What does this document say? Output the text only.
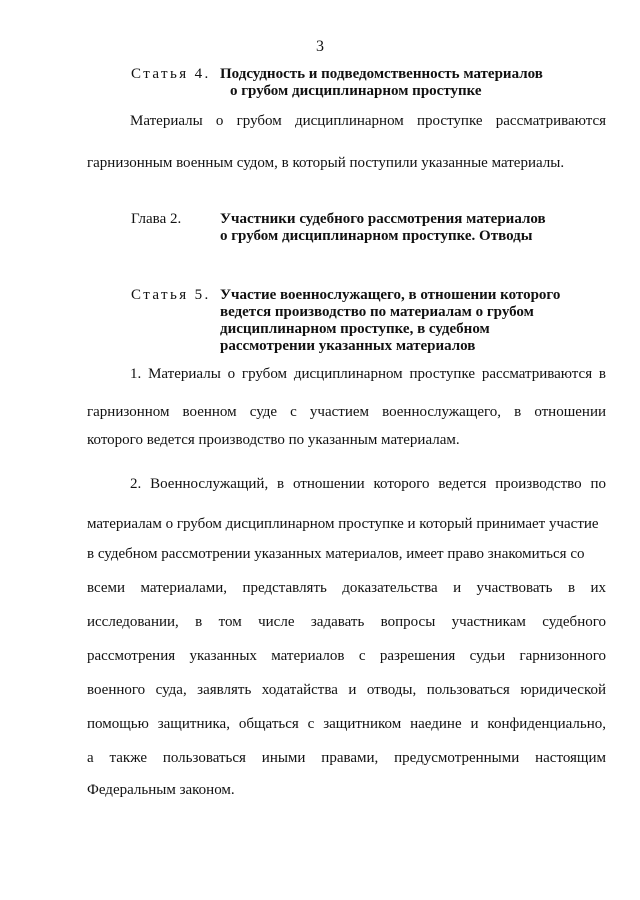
3
Статья 4. Подсудность и подведомственность материалов
о грубом дисциплинарном проступке
Материалы о грубом дисциплинарном проступке рассматриваются
гарнизонным военным судом, в который поступили указанные материалы.
Глава 2.	Участники судебного рассмотрения материалов
о грубом дисциплинарном проступке. Отводы
Статья 5. Участие военнослужащего, в отношении которого
ведется производство по материалам о грубом
дисциплинарном проступке, в судебном
рассмотрении указанных материалов
1. Материалы о грубом дисциплинарном проступке рассматриваются в
гарнизонном военном суде с участием военнослужащего, в отношении
которого ведется производство по указанным материалам.
2. Военнослужащий, в отношении которого ведется производство по
материалам о грубом дисциплинарном проступке и который принимает участие
в судебном рассмотрении указанных материалов, имеет право знакомиться со
всеми материалами, представлять доказательства и участвовать в их
исследовании, в том числе задавать вопросы участникам судебного
рассмотрения указанных материалов с разрешения судьи гарнизонного
военного суда, заявлять ходатайства и отводы, пользоваться юридической
помощью защитника, общаться с защитником наедине и конфиденциально,
а также пользоваться иными правами, предусмотренными настоящим
Федеральным законом.
